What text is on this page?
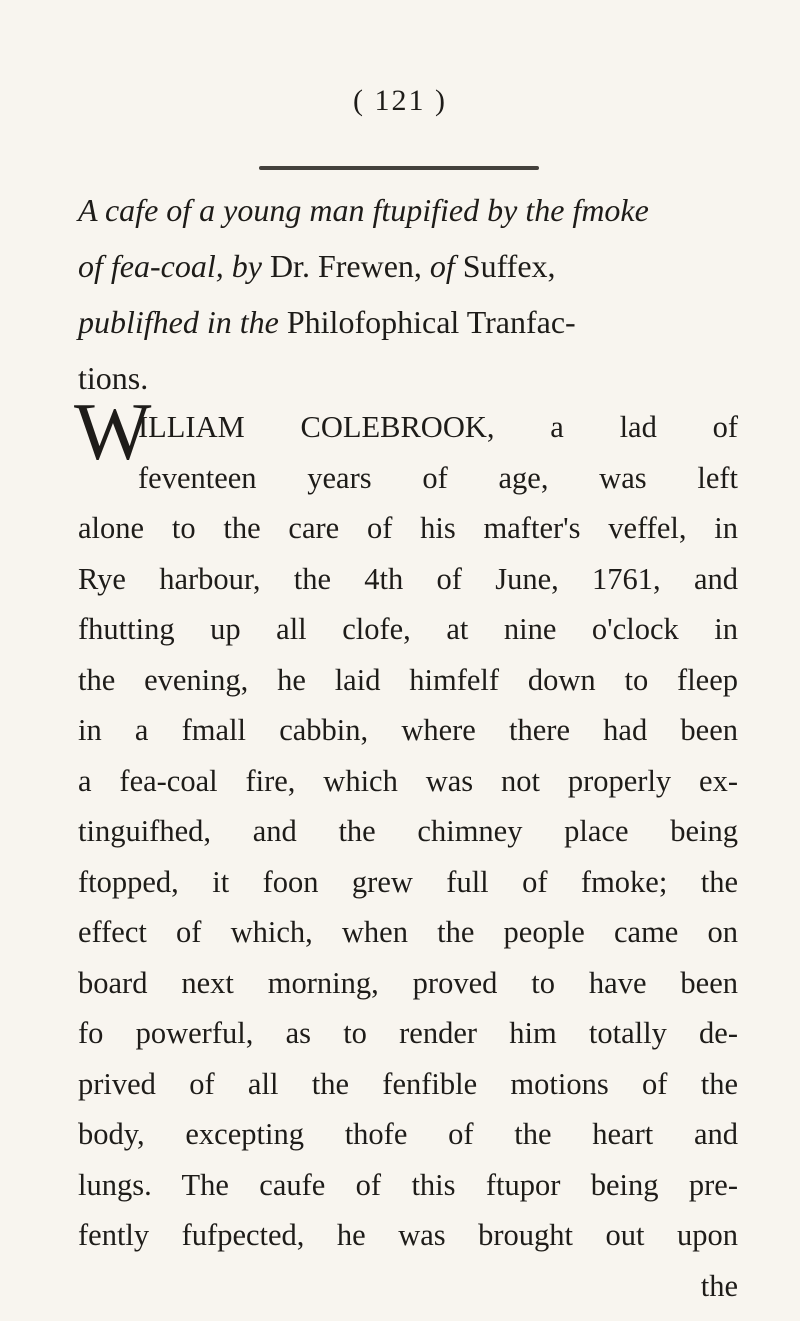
( 121 )
A cafe of a young man ftupified by the fmoke
of fea-coal, by Dr. Frewen, of Suffex,
publifhed in the Philofophical Tranfac-
tions.
W
ILLIAM COLEBROOK, a lad of
feventeen years of age, was left
alone to the care of his mafter's veffel, in
Rye harbour, the 4th of June, 1761, and
fhutting up all clofe, at nine o'clock in
the evening, he laid himfelf down to fleep
in a fmall cabbin, where there had been
a fea-coal fire, which was not properly ex-
tinguifhed, and the chimney place being
ftopped, it foon grew full of fmoke; the
effect of which, when the people came on
board next morning, proved to have been
fo powerful, as to render him totally de-
prived of all the fenfible motions of the
body, excepting thofe of the heart and
lungs. The caufe of this ftupor being pre-
fently fufpected, he was brought out upon
the
